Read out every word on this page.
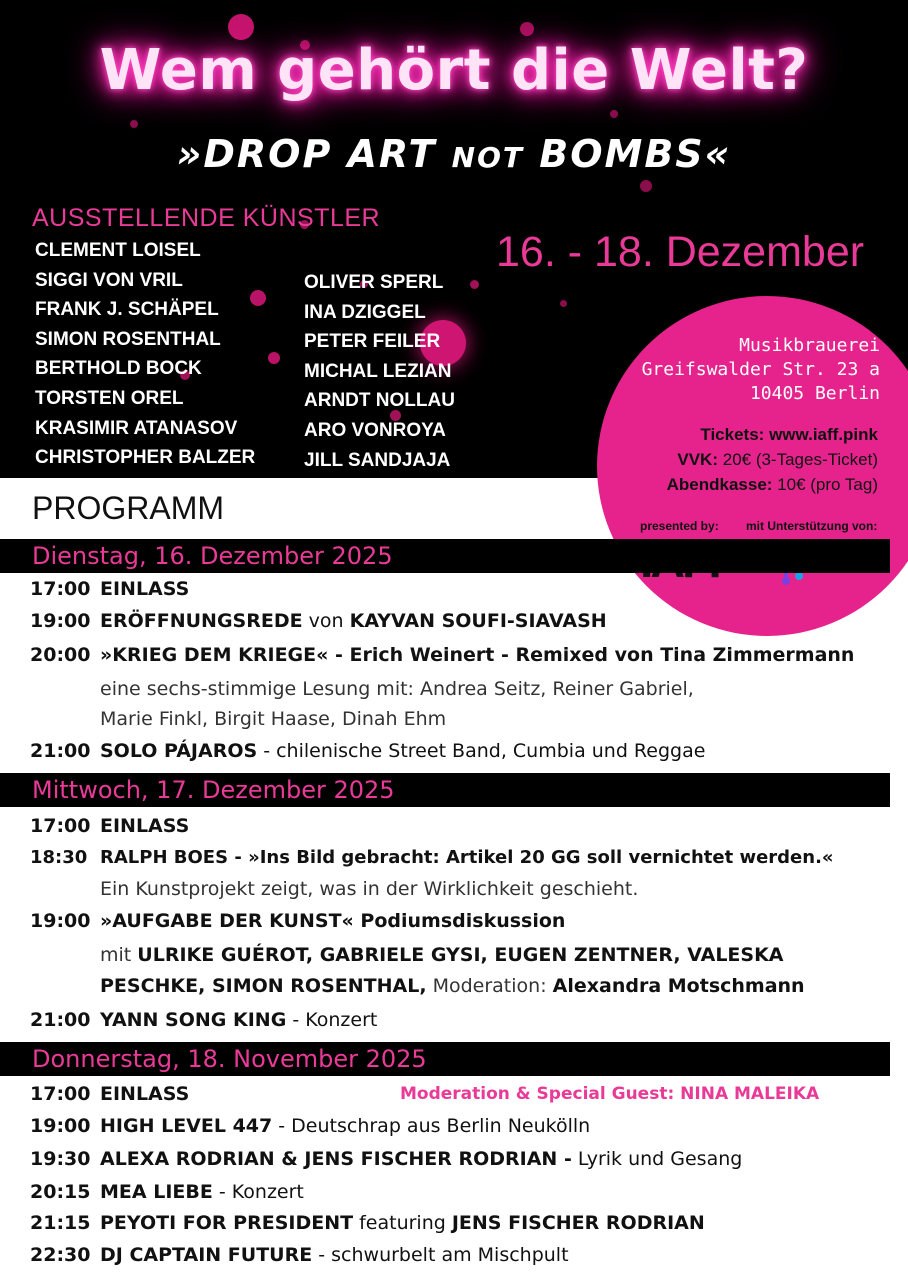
Wem gehört die Welt?
»DROP ART NOT BOMBS«
AUSSTELLENDE KÜNSTLER
CLEMENT LOISEL
SIGGI VON VRIL
FRANK J. SCHÄPEL
SIMON ROSENTHAL
BERTHOLD BOCK
TORSTEN OREL
KRASIMIR ATANASOV
CHRISTOPHER BALZER
OLIVER SPERL
INA DZIGGEL
PETER FEILER
MICHAL LEZIAN
ARNDT NOLLAU
ARO VONROYA
JILL SANDJAJA
16. - 18. Dezember
Musikbrauerei
Greifswalder Str. 23 a
10405 Berlin
Tickets: www.iaff.pink
VVK: 20€ (3-Tages-Ticket)
Abendkasse: 10€ (pro Tag)
presented by: mit Unterstützung von:
PROGRAMM
Dienstag, 16. Dezember 2025
17:00 EINLASS
19:00 ERÖFFNUNGSREDE von KAYVAN SOUFI-SIAVASH
20:00 »KRIEG DEM KRIEGE« - Erich Weinert - Remixed von Tina Zimmermann
eine sechs-stimmige Lesung mit: Andrea Seitz, Reiner Gabriel,
Marie Finkl, Birgit Haase, Dinah Ehm
21:00 SOLO PÁJAROS - chilenische Street Band, Cumbia und Reggae
Mittwoch, 17. Dezember 2025
17:00 EINLASS
18:30 RALPH BOES - »Ins Bild gebracht: Artikel 20 GG soll vernichtet werden.«
Ein Kunstprojekt zeigt, was in der Wirklichkeit geschieht.
19:00 »AUFGABE DER KUNST« Podiumsdiskussion
mit ULRIKE GUÉROT, GABRIELE GYSI, EUGEN ZENTNER, VALESKA
PESCHKE, SIMON ROSENTHAL, Moderation: Alexandra Motschmann
21:00 YANN SONG KING - Konzert
Donnerstag, 18. November 2025
Moderation & Special Guest: NINA MALEIKA
17:00 EINLASS
19:00 HIGH LEVEL 447 - Deutschrap aus Berlin Neukölln
19:30 ALEXA RODRIAN & JENS FISCHER RODRIAN - Lyrik und Gesang
20:15 MEA LIEBE - Konzert
21:15 PEYOTI FOR PRESIDENT featuring JENS FISCHER RODRIAN
22:30 DJ CAPTAIN FUTURE - schwurbelt am Mischpult
